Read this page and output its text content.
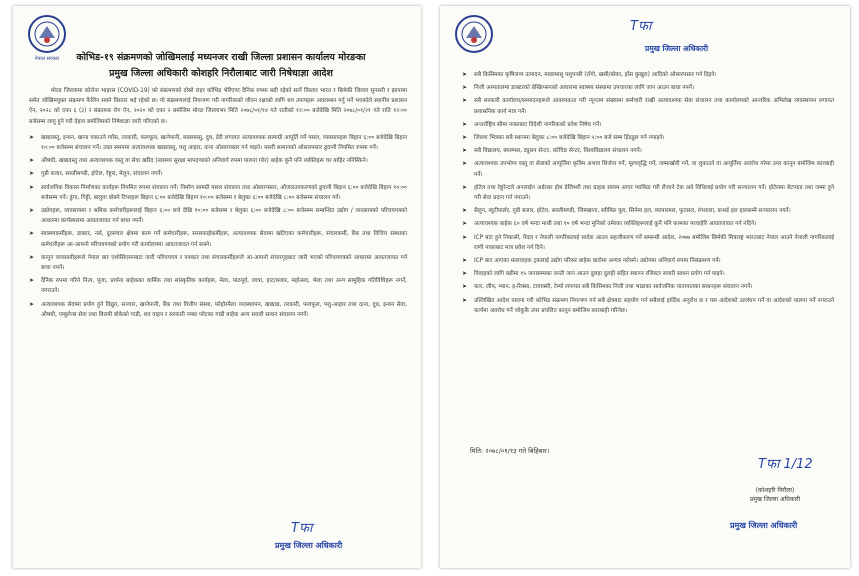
नेपाल सरकार	कोभिड-१९ संक्रमणको जोखिमलाई मध्यनजर राखी जिल्ला प्रशासन कार्यालय मोरङका
प्रमुख जिल्ला अधिकारी कोशहरि निरौलाबाट जारी निषेधाज्ञा आदेश

मोरङ जिल्लामा कोरोना भाइरस (COVID-19) को संक्रमणको दोस्रो लहर कोभिड भेरिएण्ट दैनिक रुपमा बढी रहेको सार्ने विस्तार भारत र छिमेकी जिल्ला सुनसरी र झापामा समेत जोखिमयुक्त संक्रमण फैलिन सक्ने विस्तार भई रहेको छ। यो संक्रमणलाई नियन्त्रण गरी नागरिकको जीवन रक्षाको लागि थप उपायहरू अवलम्बन गर्नु पर्ने भएकोले स्थानीय प्रशासन ऐन, २०२८ को दफा ६ (३) र संक्रामक रोग ऐन, २०२० को दफा २ बमोजिम मोरङ जिल्लाभर मिति २०७८/०१/१४ गते रातीको १२:०० बजेदेखि मिति २०७८/०१/२१ गते राति १२:०० बजेसम्म लागु हुने गरी देहाय बमोजिमको निषेधाज्ञा जारी गरिएको छ।

➤ खाद्यवस्तु, इन्धन, खाना पकाउने ग्याँस, तरकारी, फलफूल, खानेपानी, माछामासु, दुध, डेरी लगायत अत्यावश्यक सामाग्री आपूर्ति गर्ने पसल, व्यवसायहरू बिहान ६:०० बजेदेखि बिहान १०:०० बजेसम्म संचालन गर्ने। उक्त समयमा अत्यावश्यक खाद्यवस्तु, पशु आहार, दाना ओसारपसार गर्न पाइने। यसरी सामानको ओसारपसार ढुवानी नियमित रुपमा गर्ने।
➤ औषधी, खाद्यवस्तु तथा अत्यावश्यक वस्तु वा सेवा खरिद (स्वास्थ्य सुरक्षा मापदण्डको अनिवार्य रुपमा पालना गरेर) बाहेक कुनै पनि व्यक्तिहरू घर बाहिर ननिस्किने।
➤ गुडी बजार, सब्जीमण्डी, होटेल, रेष्टुरा, मेलुन, संचालन नगर्ने।
➤ सार्वजनिक विकास निर्माणका कार्यहरू नियमित रुपमा संचालन गर्ने। निर्माण सामग्री पसल संचालन तथा ओसारपसार, औजारउपकरणको ढुवानी बिहान ६:०० बजेदेखि बिहान १०:०० बजेसम्म गर्ने। ढुंगा, गिट्टी, बालुवा बोक्ने टिपरहरू बिहान ६:०० बजेदेखि बिहान १०:०० बजेसम्म र बेलुका ६:०० बजेदेखि ८:०० बजेसम्म संचालन गर्ने।
➤ उद्योगहरू, व्यवसायमा र श्रमिक कर्मचारीहरूलाई बिहान ६:०० बजे देखि १०:०० बजेसम्म र बेलुका ६:०० बजेदेखि ८:०० बजेसम्म सम्बन्धित उद्योग / व्यवसायको परिचयपत्रको आधारमा कार्यस्थलमा आवतजावत गर्न बाधा नपर्ने।
➤ स्वास्थ्यकर्मीहरू, डाक्टर, नर्स, दूरसंचार क्षेत्रमा काम गर्ने कर्मचारीहरू, सरसफाईकर्मीहरू, अत्यावश्यक सेवामा खटिएका कर्मचारीहरू, संचारकर्मी, बैंक तथा वित्तिय संस्थाका कर्मचारीहरू आ-आफ्नो परिचयपत्रको प्रयोग गरी कार्यालयमा आवतजावत गर्न सक्ने।
➤ कानून व्यवसायीहरूले नेपाल बार एशोसिएसनबाट जारी परिचयपत्र र पत्रकार तथा संचारकर्मीहरूले आ-आफ्नो संचारगृहबाट जारी भएको परिचयपत्रको आधारमा आवतजावत गर्न बाधा नपर्ने।
➤ दैनिक रुपमा गरिने नित्य, पूजा, प्रार्थना बाहेकका धार्मिक तथा सांस्कृतिक कार्यहरू, मेला, पाठपूर्व, जात्रा, हाट/बजार, महोत्सव, भेला तथा अन्य सामुहिक गतिविधिहरू नगर्ने, नगराउने।
➤ अत्यावश्यक सेवामा प्रयोग हुने विद्युत, सञ्चार, खानेपानी, बैंक तथा वित्तीय संस्था, फोहोरमैला व्यवस्थापन, खाद्यान्न, तरकारी, फलफूल, पशु-आहार तथा दाना, दूध, इन्धन सेवा, औषधी, एम्बुलेन्स सेवा तथा बिरामी बोकेको गाडी, शव वाहन र सरकारी नम्बर प्लेटका गाडी बाहेक अन्य सवारी साधन संचालन नगर्ने।
Tफा
प्रमुख जिल्ला अधिकारी
Tफा
प्रमुख जिल्ला अधिकारी
➤ सबै किसिमका कृषिजन्य उत्पादन, माछामासु पशुपन्छी (राँगो, खसी/बोका, हाँस कुखुरा) आदिको ओसारपसार गर्न दिइने।
➤ निजी अस्पतालमा डाक्टरको प्रेस्क्रिप्सनको आधारमा स्वास्थ्य संस्थामा उपचारका लागि जान आउन बाधा नपर्ने।
➤ सबै सरकारी कार्यालय/सम्पादनहरूले आवश्यकता गरी न्यूनतम संख्यामा कर्मचारी राखी अत्यावश्यक सेवा संचालन तथा कार्यालयको आन्तरिक अभिलेख व्यवस्थापन लगायत प्रशासनिक कार्य मात्र गर्ने।
➤ अन्तर्राष्ट्रिय सीमा नाकाबाट विदेशी नागरिकको प्रवेश निषेध गर्ने।
➤ जिल्ला भित्रका सबै स्थानमा बेलुका ८:०० बजेदेखि बिहान ५:०० बजे सम्म हिंडडुल गर्न नपाइने।
➤ सबै विद्यालय, क्याम्पस, ट्युसन सेन्टर, कोचिङ सेन्टर, विश्वविद्यालय संचालन नगर्ने।
➤ अत्यावश्यक उपभोग्य वस्तु वा सेवाको आपूर्तिमा कृत्रिम अभाव सिर्जना गर्ने, मूल्यवृद्धि गर्ने, जम्माखोरी गर्ने, वा लुकाउने वा आपूर्तिमा अवरोध गरेमा उपर कानून बमोजिम कारबाही गर्ने।
➤ होटेल तथा रेष्टुरेन्टले अनलाईन अर्डरका होम डेलिभरी तथा ग्राहक स्वयम आएर प्याकिङ गरी लैजाने टेक अवे विधिलाई प्रयोग गरी सञ्चालन गर्ने। होटेलमा बेटप्याड तथा जम्मा हुने गरी सेवा प्रदान गर्न नपाउने।
➤ सैलुन, ब्युटीपार्लर, गुडी बजार, होटेल, सब्जीमण्डी, जिमखाना, स्वीमिङ पुल, सिनेमा हल, व्यापारमल, फुटसल, रंगशाला, कभर्ड हल हालसम्मै सञ्चालन नगर्ने।
➤ अत्यावश्यक बाहेक ६० वर्ष भन्दा माथी तथा १० वर्ष भन्दा मुनिको उमेरका व्यक्तिहरूलाई कुनै पनि कामका परवाहेरि आवतजावत गर्न नदिने।
➤ ICP बाट हुने निकासी, पैदल र नेपाली नागरिकलाई स्वदेश आउन सहजीकरण गर्ने सम्बन्धी आदेश, २०७७ बमोजिम छिमेकी मित्रराष्ट्र भारतबाट नेपाल आउने नेपाली नागरिकलाई राणी नाकाबाट मात्र प्रवेश गर्न दिने।
➤ ICP बाट आएका मालवाहक ट्रकलाई उद्योग परिसर बाहेक बाटोमा अन्यत्र नरोक्ने। उद्योगमा अनिवार्य रुपमा निसंक्रमण गर्ने।
➤ विवाहको लागि बढीमा १५ जनासम्मका जन्ती जान आउन दुलहा दुलही सहित स्थानन रजिस्टर सवारी साधन प्रयोग गर्न पाइने।
➤ कार, जीप, भ्यान, इ-रिक्सा, टायाक्सी, टेम्पो लगायत सबै किसिमका निजी तथा भाडाका सार्वजनिक यातायातका साधनहरू संचालन नगर्ने।
➤ उल्लिखित आदेश पालना गरी कोभिड संक्रमण नियन्त्रण गर्न सबै क्षेत्रबाट सहयोग गर्न सबैलाई हार्दिक अनुरोध छ र यस आदेशको उल्लंघन गर्ने वा आदेशको पालना गर्ने नगराउने कार्यमा अवरोध गर्ने जोकुकै उपर प्रचलित कानून बमोजिम कारबाही गरिनेछ।
मिति: २०७८/०१/१३ गते बिहिबार।
Tफा 1/12
(कोशहरि निरौला)
प्रमुख जिल्ला अधिकारी
प्रमुख जिल्ला अधिकारी
